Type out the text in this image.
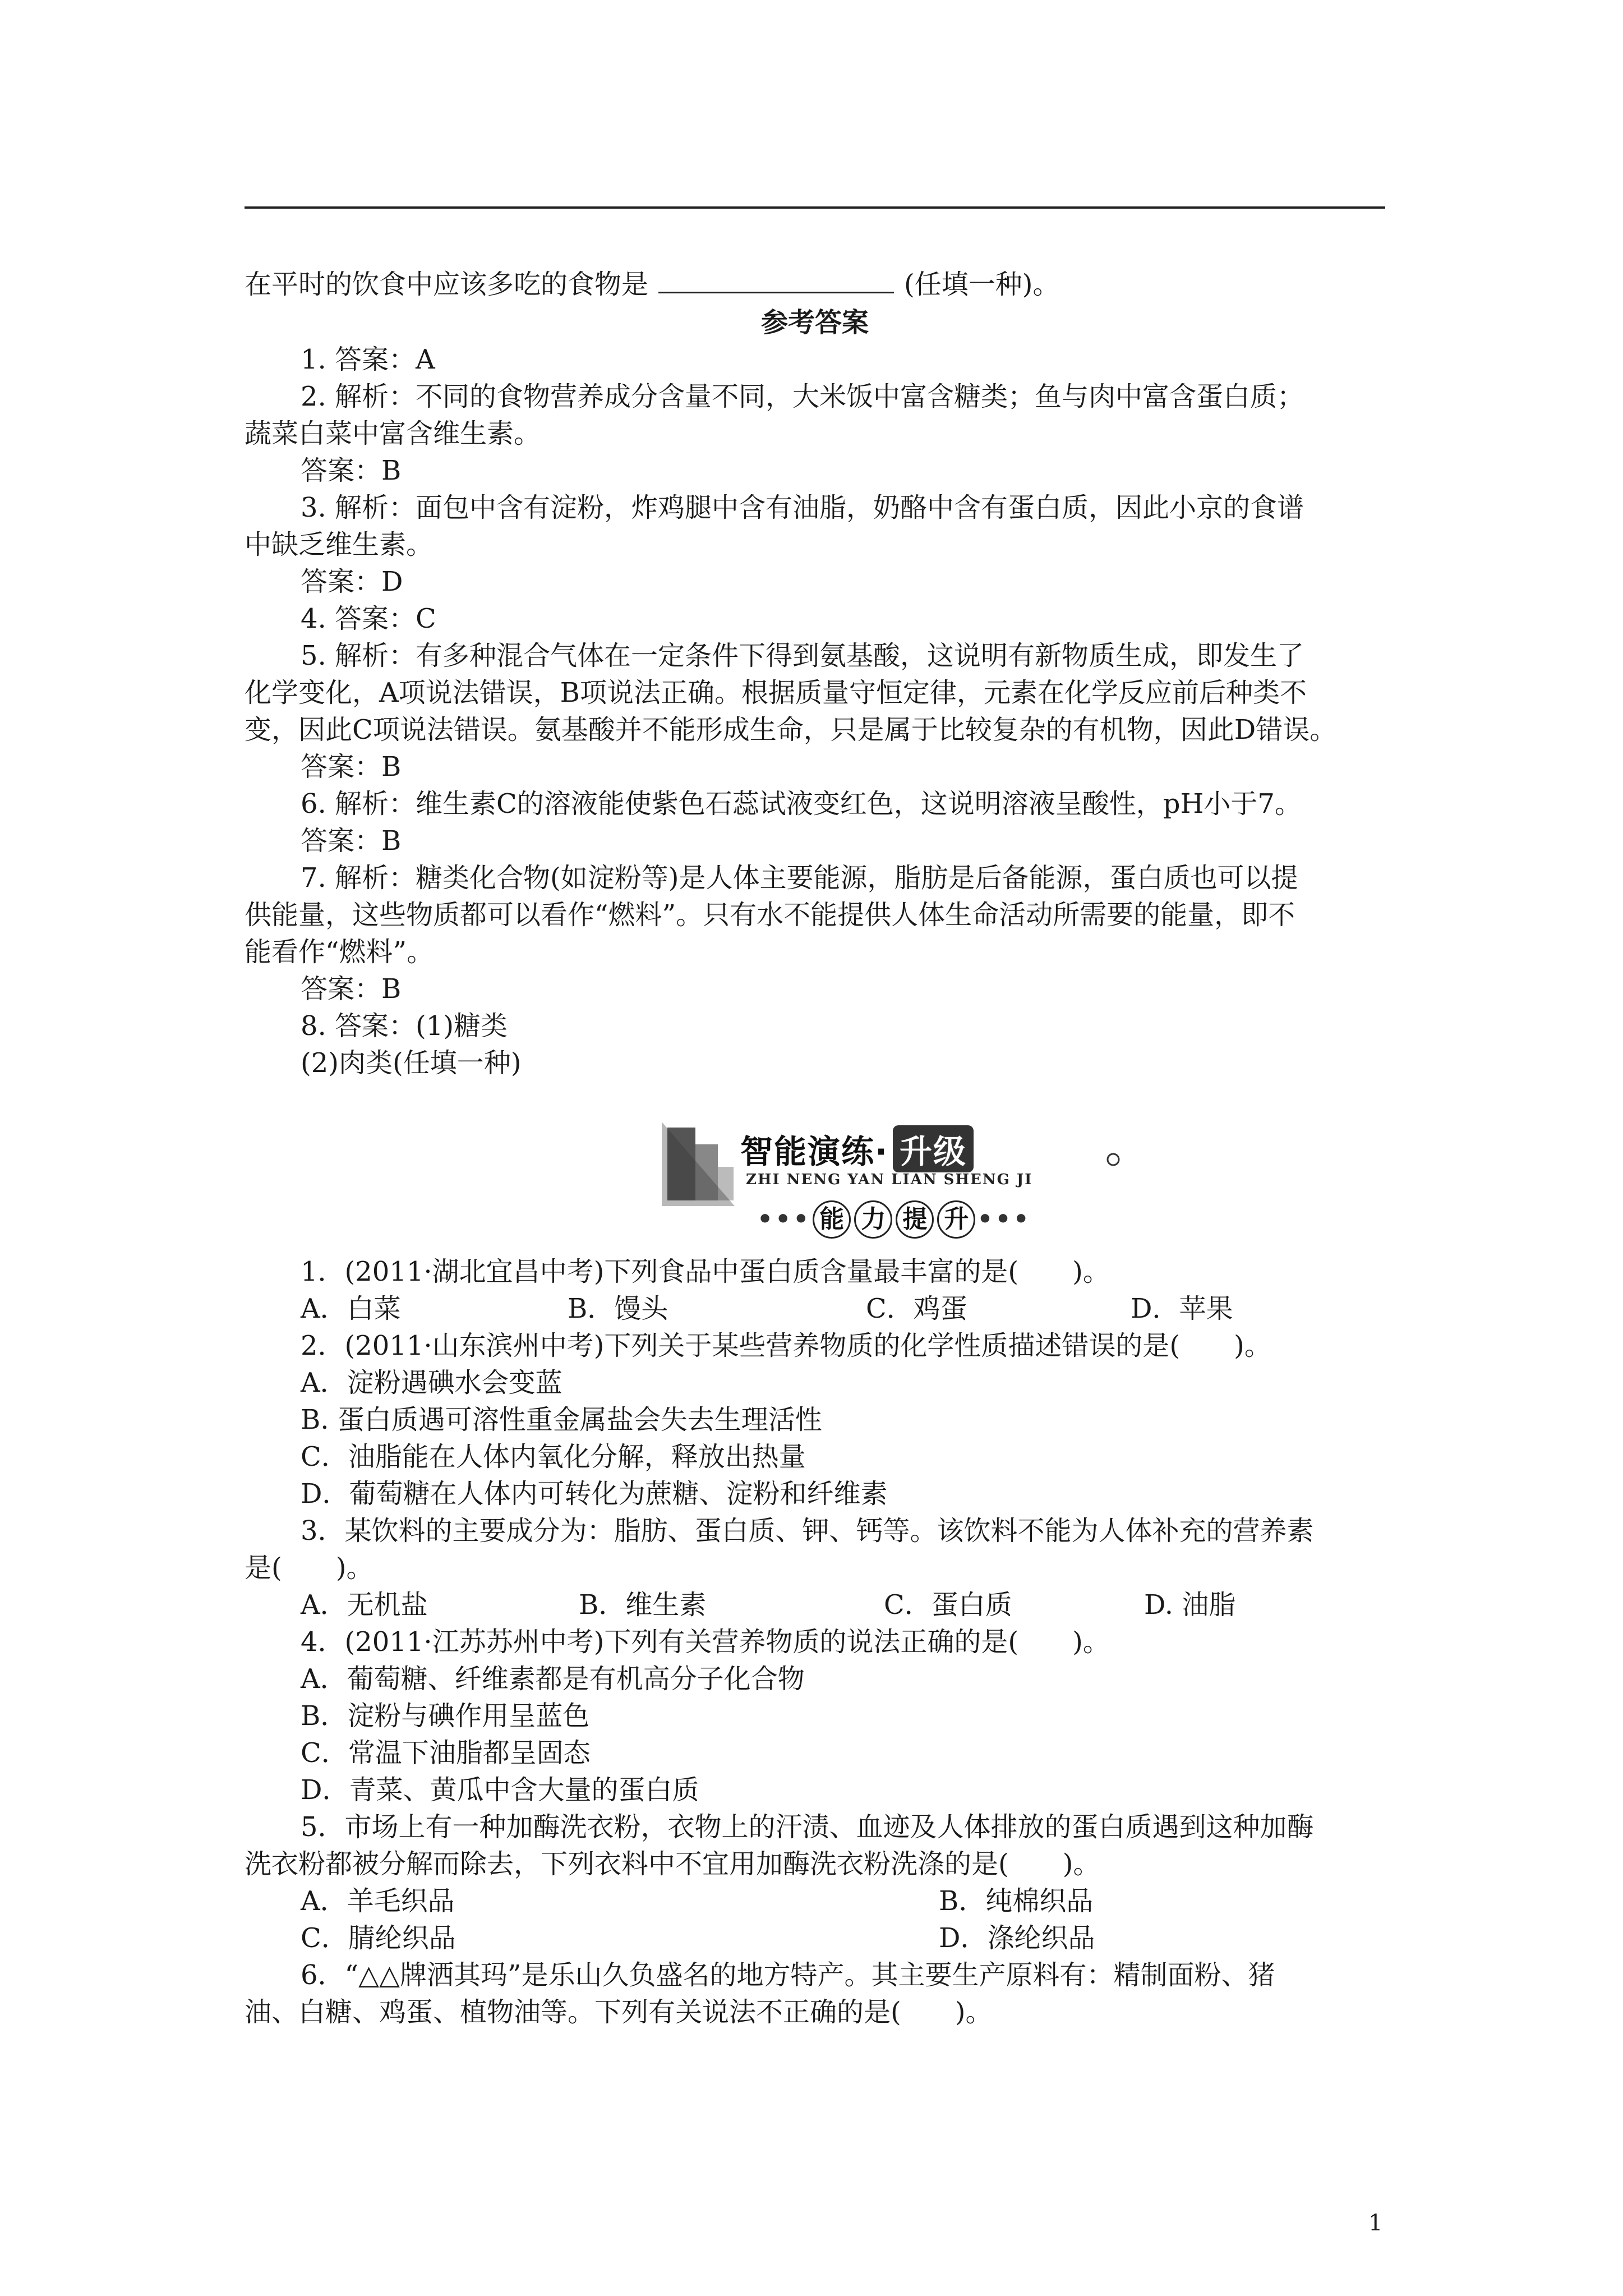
在平时的饮食中应该多吃的食物是	(任填一种)。
参考答案
1. 答案：A
2. 解析：不同的食物营养成分含量不同，大米饭中富含糖类；鱼与肉中富含蛋白质；
蔬菜白菜中富含维生素。
答案：B
3. 解析：面包中含有淀粉，炸鸡腿中含有油脂，奶酪中含有蛋白质，因此小京的食谱
中缺乏维生素。
答案：D
4. 答案：C
5. 解析：有多种混合气体在一定条件下得到氨基酸，这说明有新物质生成，即发生了
化学变化，A项说法错误，B项说法正确。根据质量守恒定律，元素在化学反应前后种类不
变，因此C项说法错误。氨基酸并不能形成生命，只是属于比较复杂的有机物，因此D错误。
答案：B
6. 解析：维生素C的溶液能使紫色石蕊试液变红色，这说明溶液呈酸性，pH小于7。
答案：B
7. 解析：糖类化合物(如淀粉等)是人体主要能源，脂肪是后备能源，蛋白质也可以提
供能量，这些物质都可以看作“燃料”。只有水不能提供人体生命活动所需要的能量，即不
能看作“燃料”。
答案：B
8. 答案：(1)糖类
(2)肉类(任填一种)
智能演练· 升级
ZHI NENG YAN LIAN SHENG JI
••• 能 力 提 升 •••
1．(2011·湖北宜昌中考)下列食品中蛋白质含量最丰富的是(　　)。
A．白菜	B．馒头	C．鸡蛋	D．苹果
2．(2011·山东滨州中考)下列关于某些营养物质的化学性质描述错误的是(　　)。
A．淀粉遇碘水会变蓝
B. 蛋白质遇可溶性重金属盐会失去生理活性
C．油脂能在人体内氧化分解，释放出热量
D．葡萄糖在人体内可转化为蔗糖、淀粉和纤维素
3．某饮料的主要成分为：脂肪、蛋白质、钾、钙等。该饮料不能为人体补充的营养素
是(　　)。
A．无机盐	B．维生素	C．蛋白质	D. 油脂
4．(2011·江苏苏州中考)下列有关营养物质的说法正确的是(　　)。
A．葡萄糖、纤维素都是有机高分子化合物
B．淀粉与碘作用呈蓝色
C．常温下油脂都呈固态
D．青菜、黄瓜中含大量的蛋白质
5．市场上有一种加酶洗衣粉，衣物上的汗渍、血迹及人体排放的蛋白质遇到这种加酶
洗衣粉都被分解而除去，下列衣料中不宜用加酶洗衣粉洗涤的是(　　)。
A．羊毛织品	B．纯棉织品
C．腈纶织品	D．涤纶织品
6．“△△牌洒其玛”是乐山久负盛名的地方特产。其主要生产原料有：精制面粉、猪
油、白糖、鸡蛋、植物油等。下列有关说法不正确的是(　　)。
1
